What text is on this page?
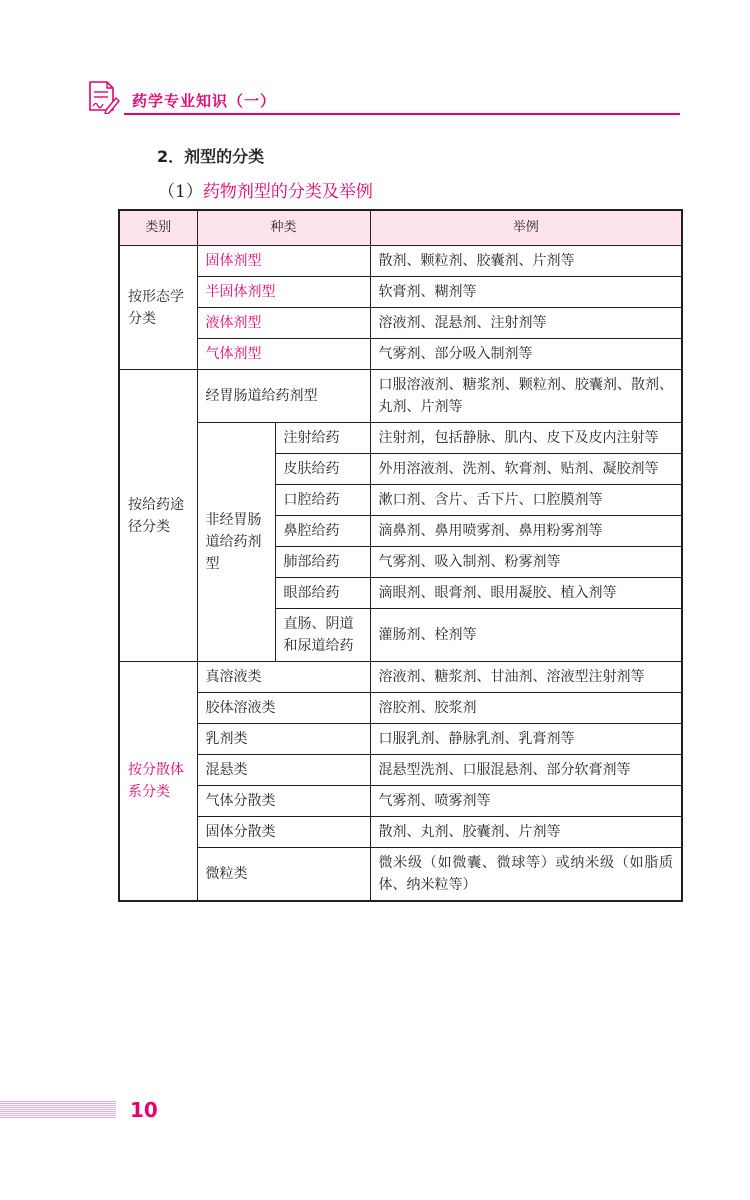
药学专业知识（一）
2．剂型的分类
（1）药物剂型的分类及举例
类别	种类		举例
按形态学分类	固体剂型		散剂、颗粒剂、胶囊剂、片剂等
	半固体剂型		软膏剂、糊剂等
	液体剂型		溶液剂、混悬剂、注射剂等
	气体剂型		气雾剂、部分吸入制剂等
按给药途径分类	经胃肠道给药剂型		口服溶液剂、糖浆剂、颗粒剂、胶囊剂、散剂、丸剂、片剂等
	非经胃肠道给药剂型	注射给药	注射剂，包括静脉、肌内、皮下及皮内注射等
		皮肤给药	外用溶液剂、洗剂、软膏剂、贴剂、凝胶剂等
		口腔给药	漱口剂、含片、舌下片、口腔膜剂等
		鼻腔给药	滴鼻剂、鼻用喷雾剂、鼻用粉雾剂等
		肺部给药	气雾剂、吸入制剂、粉雾剂等
		眼部给药	滴眼剂、眼膏剂、眼用凝胶、植入剂等
		直肠、阴道和尿道给药	灌肠剂、栓剂等
按分散体系分类	真溶液类		溶液剂、糖浆剂、甘油剂、溶液型注射剂等
	胶体溶液类		溶胶剂、胶浆剂
	乳剂类		口服乳剂、静脉乳剂、乳膏剂等
	混悬类		混悬型洗剂、口服混悬剂、部分软膏剂等
	气体分散类		气雾剂、喷雾剂等
	固体分散类		散剂、丸剂、胶囊剂、片剂等
	微粒类		微米级（如微囊、微球等）或纳米级（如脂质体、纳米粒等）
10
